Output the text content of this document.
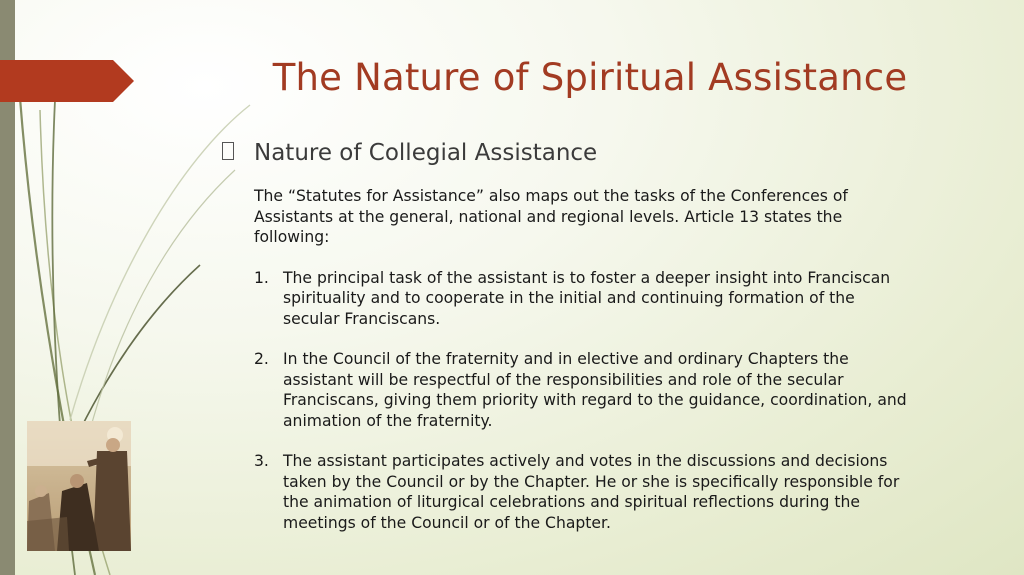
The Nature of Spiritual Assistance
Nature of Collegial Assistance

The “Statutes for Assistance” also maps out the tasks of the Conferences of Assistants at the general, national and regional levels. Article 13 states the following:

1. The principal task of the assistant is to foster a deeper insight into Franciscan spirituality and to cooperate in the initial and continuing formation of the secular Franciscans.
2. In the Council of the fraternity and in elective and ordinary Chapters the assistant will be respectful of the responsibilities and role of the secular Franciscans, giving them priority with regard to the guidance, coordination, and animation of the fraternity.
3. The assistant participates actively and votes in the discussions and decisions taken by the Council or by the Chapter. He or she is specifically responsible for the animation of liturgical celebrations and spiritual reflections during the meetings of the Council or of the Chapter.
